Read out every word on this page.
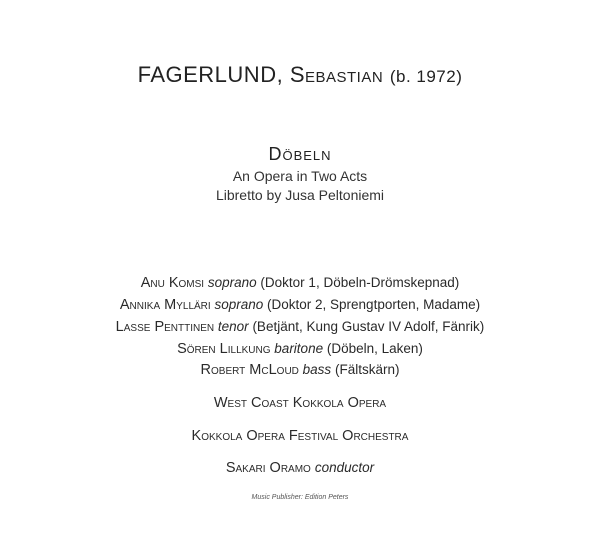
FAGERLUND, Sebastian (b. 1972)
Döbeln
An Opera in Two Acts
Libretto by Jusa Peltoniemi
Anu Komsi soprano (Doktor 1, Döbeln-Drömskepnad)
Annika Mylläri soprano (Doktor 2, Sprengtporten, Madame)
Lasse Penttinen tenor (Betjänt, Kung Gustav IV Adolf, Fänrik)
Sören Lillkung baritone (Döbeln, Laken)
Robert McLoud bass (Fältskärn)
West Coast Kokkola Opera
Kokkola Opera Festival Orchestra
Sakari Oramo conductor
Music Publisher: Edition Peters
